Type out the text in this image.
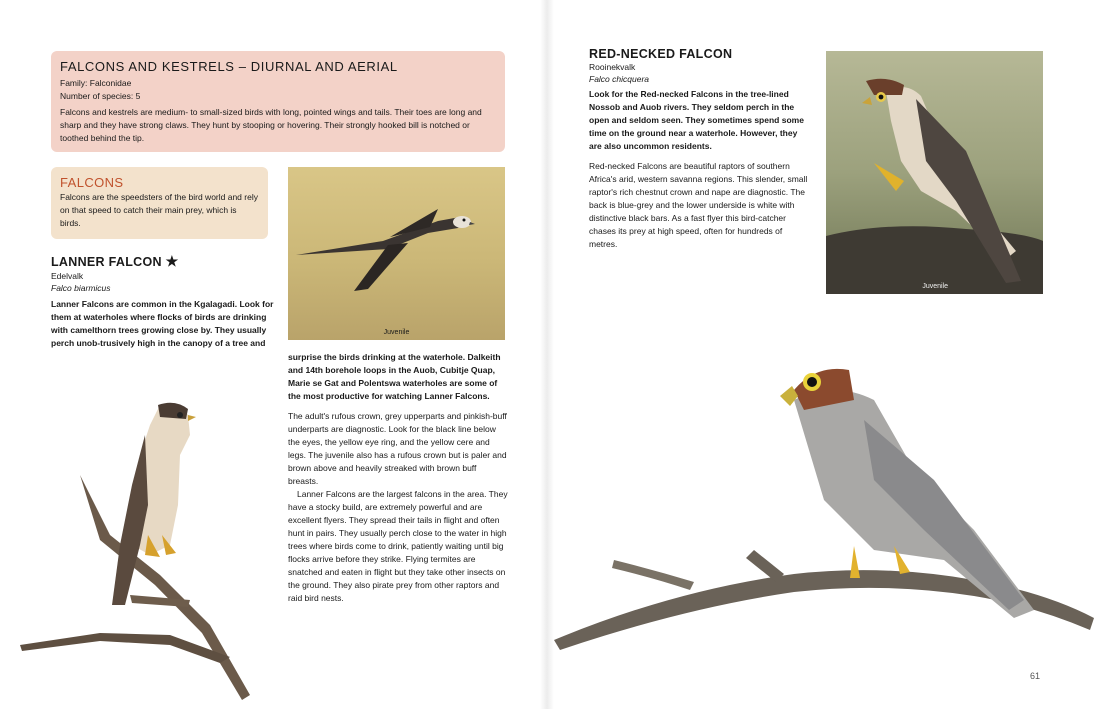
FALCONS AND KESTRELS – DIURNAL AND AERIAL
Family: Falconidae
Number of species: 5
Falcons and kestrels are medium- to small-sized birds with long, pointed wings and tails. Their toes are long and sharp and they have strong claws. They hunt by stooping or hovering. Their strongly hooked bill is notched or toothed behind the tip.
FALCONS
Falcons are the speedsters of the bird world and rely on that speed to catch their main prey, which is birds.
LANNER FALCON ★
Edelvalk
Falco biarmicus
Lanner Falcons are common in the Kgalagadi. Look for them at waterholes where flocks of birds are drinking with camelthorn trees growing close by. They usually perch unob-trusively high in the canopy of a tree and
Juvenile
surprise the birds drinking at the waterhole. Dalkeith and 14th borehole loops in the Auob, Cubitje Quap, Marie se Gat and Polentswa waterholes are some of the most productive for watching Lanner Falcons.
The adult's rufous crown, grey upperparts and pinkish-buff underparts are diagnostic. Look for the black line below the eyes, the yellow eye ring, and the yellow cere and legs. The juvenile also has a rufous crown but is paler and brown above and heavily streaked with brown buff breasts.
Lanner Falcons are the largest falcons in the area. They have a stocky build, are extremely powerful and are excellent flyers. They spread their tails in flight and often hunt in pairs. They usually perch close to the water in high trees where birds come to drink, patiently waiting until big flocks arrive before they strike. Flying termites are snatched and eaten in flight but they take other insects on the ground. They also pirate prey from other raptors and raid bird nests.
RED-NECKED FALCON
Rooinekvalk
Falco chicquera
Look for the Red-necked Falcons in the tree-lined Nossob and Auob rivers. They seldom perch in the open and seldom seen. They sometimes spend some time on the ground near a waterhole. However, they are also uncommon residents.
Red-necked Falcons are beautiful raptors of southern Africa's arid, western savanna regions. This slender, small raptor's rich chestnut crown and nape are diagnostic. The back is blue-grey and the lower underside is white with distinctive black bars. As a fast flyer this bird-catcher chases its prey at high speed, often for hundreds of metres.
Juvenile
61
